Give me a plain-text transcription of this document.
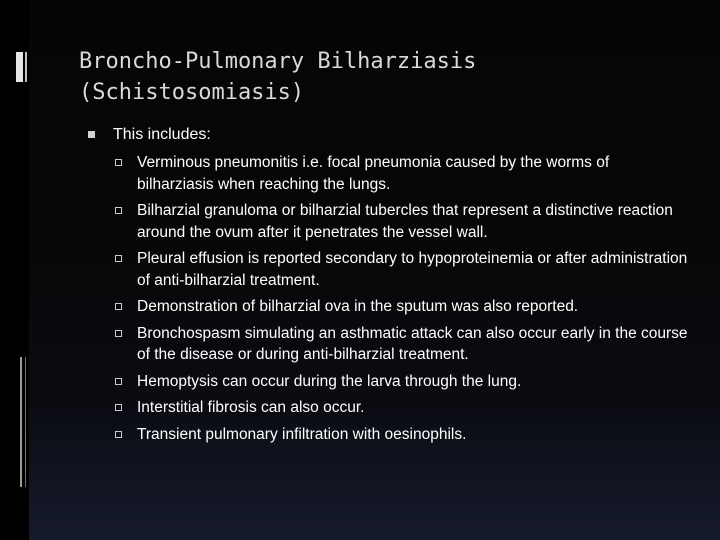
Broncho-Pulmonary Bilharziasis
(Schistosomiasis)
This includes:
Verminous pneumonitis i.e. focal pneumonia caused by the worms of bilharziasis when reaching the lungs.
Bilharzial granuloma or bilharzial tubercles that represent a distinctive reaction around the ovum after it penetrates the vessel wall.
Pleural effusion is reported secondary to hypoproteinemia or after administration of anti-bilharzial treatment.
Demonstration of bilharzial ova in the sputum was also reported.
Bronchospasm simulating an asthmatic attack can also occur early in the course of the disease or during anti-bilharzial treatment.
Hemoptysis can occur during the larva through the lung.
Interstitial fibrosis can also occur.
Transient pulmonary infiltration with oesinophils.
